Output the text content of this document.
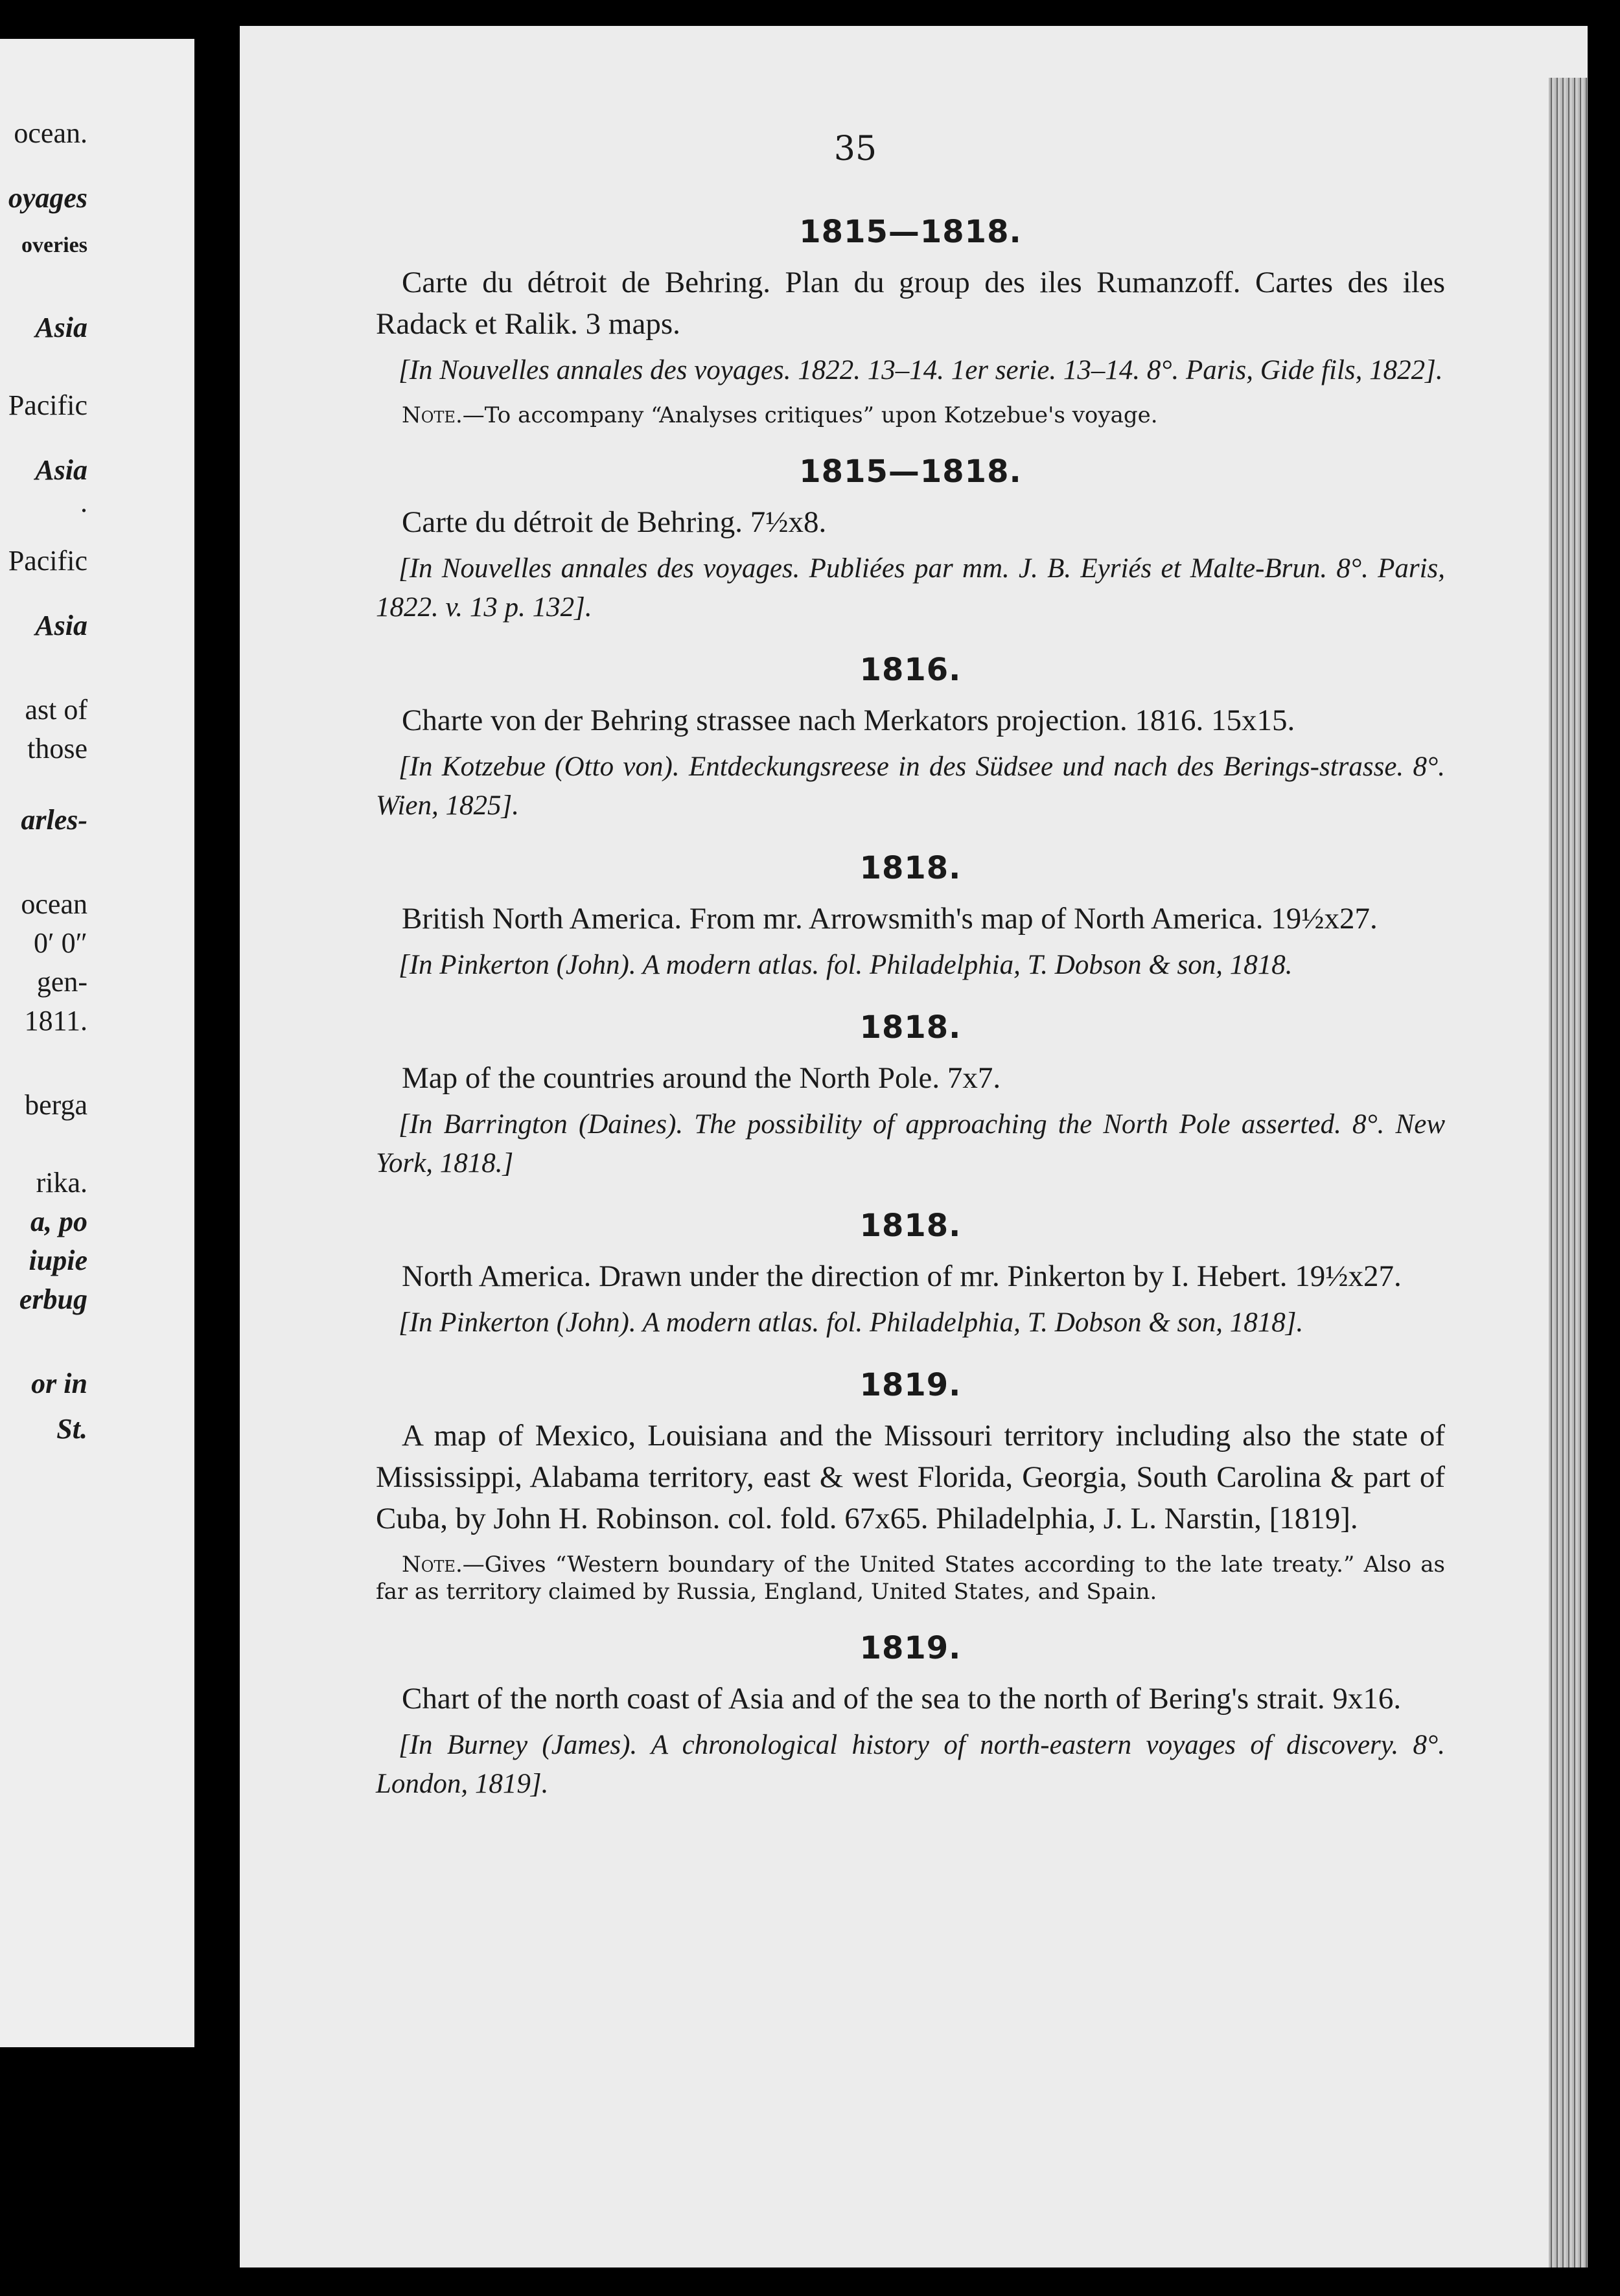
ocean.
oyages
overies
Asia
Pacific
Asia
.
Pacific
Asia
ast of
those
arles-
ocean
0′ 0″
gen-
1811.
berga
rika.
a, po
iupie
erbug
or in
St.
35
1815—1818.
Carte du détroit de Behring. Plan du group des iles Rumanzoff. Cartes des iles Radack et Ralik. 3 maps.
[In Nouvelles annales des voyages. 1822. 13–14. 1er serie. 13–14. 8°. Paris, Gide fils, 1822].
Note.—To accompany “Analyses critiques” upon Kotzebue's voyage.
1815—1818.
Carte du détroit de Behring. 7½x8.
[In Nouvelles annales des voyages. Publiées par mm. J. B. Eyriés et Malte-Brun. 8°. Paris, 1822. v. 13 p. 132].
1816.
Charte von der Behring strassee nach Merkators projection. 1816. 15x15.
[In Kotzebue (Otto von). Entdeckungsreese in des Südsee und nach des Berings-strasse. 8°. Wien, 1825].
1818.
British North America. From mr. Arrowsmith's map of North America. 19½x27.
[In Pinkerton (John). A modern atlas. fol. Philadelphia, T. Dobson & son, 1818.
1818.
Map of the countries around the North Pole. 7x7.
[In Barrington (Daines). The possibility of approaching the North Pole asserted. 8°. New York, 1818.]
1818.
North America. Drawn under the direction of mr. Pinkerton by I. Hebert. 19½x27.
[In Pinkerton (John). A modern atlas. fol. Philadelphia, T. Dobson & son, 1818].
1819.
A map of Mexico, Louisiana and the Missouri territory including also the state of Mississippi, Alabama territory, east & west Florida, Georgia, South Carolina & part of Cuba, by John H. Robinson. col. fold. 67x65. Philadelphia, J. L. Narstin, [1819].
Note.—Gives “Western boundary of the United States according to the late treaty.” Also as far as territory claimed by Russia, England, United States, and Spain.
1819.
Chart of the north coast of Asia and of the sea to the north of Bering's strait. 9x16.
[In Burney (James). A chronological history of north-eastern voyages of discovery. 8°. London, 1819].
